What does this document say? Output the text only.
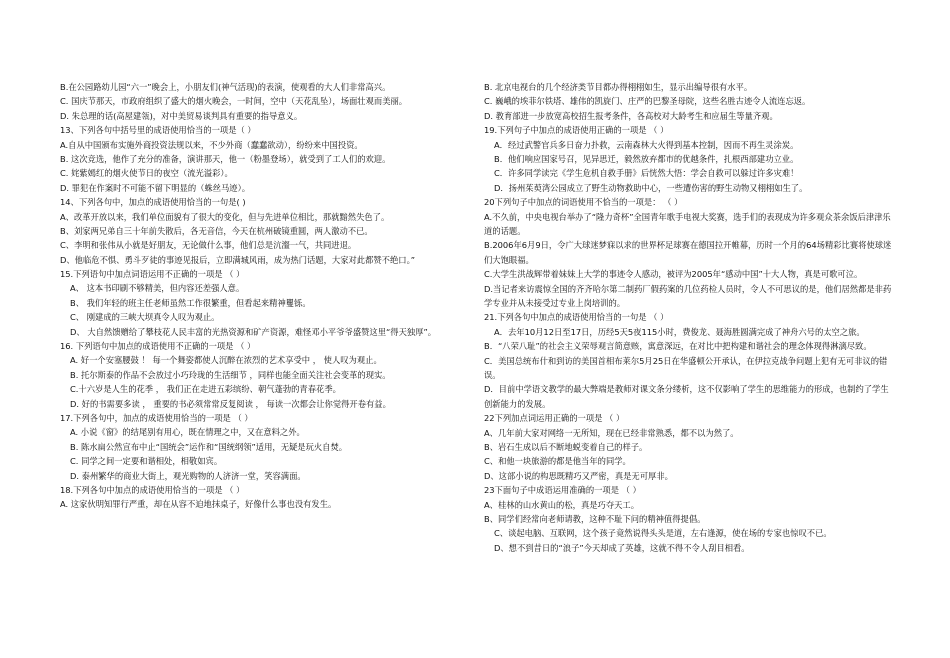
B.在公园路幼儿园“六一”晚会上，小朋友们(神气活现)的表演，使观看的大人们非常高兴。
C. 国庆节那天，市政府组织了盛大的烟火晚会，一时间，空中（天花乱坠），场面壮观而美丽。
D. 朱总理的话(高屋建瓴)，对中美贸易谈判具有重要的指导意义。
13、下列各句中括号里的成语使用恰当的一项是（ ）
A.自从中国颁布实施外商投资法规以来，不少外商（蠢蠢欲动），纷纷来中国投资。
B. 这次竞选，他作了充分的准备，演讲那天，他一（粉墨登场），就受到了工人们的欢迎。
C. 姹紫嫣红的烟火使节日的夜空（流光溢彩）。
D. 罪犯在作案时不可能不留下明显的（蛛丝马迹）。
14、下列各句中，加点的成语使用恰当的一句是( )
A、改革开放以来，我们单位面貌有了很大的变化，但与先进单位相比，那就黯然失色了。
B、刘家两兄弟自三十年前失散后，各无音信，今天在杭州破镜重圆，两人激动不已。
C、李明和张伟从小就是好朋友，无论做什么事，他们总是沆瀣一气，共同进退。
D、他临危不惧、勇斗歹徒的事迹见报后，立即满城风雨，成为热门话题，大家对此都赞不绝口。”
15.下列语句中加点词语运用不正确的一项是 （ ）
A、 这本书印刷不够精美，但内容还差强人意。
B、 我们年轻的班主任老师虽然工作很繁重，但看起来精神矍铄。
C、 刚建成的三峡大坝真令人叹为观止。
D、 大自然馈赠给了攀枝花人民丰富的光热资源和矿产资源，难怪邓小平爷爷盛赞这里“得天独厚”。
16. 下列语句中加点的成语使用不正确的一项是 （ ）
A. 好一个安塞腰鼓 ！ 每一个舞姿都使人沉醉在浓烈的艺术享受中 ， 使人叹为观止。
B. 托尔斯泰的作品不会放过小巧玲珑的生活细节 ，同样也能全面关注社会变革的现实。
C.十六岁是人生的花季 ， 我们正在走进五彩缤纷、朝气蓬勃的青春花季。
D. 好的书需要多读 ， 重要的书必须常常反复阅读 ， 每读一次都会让你觉得开卷有益。
17.下列各句中，加点的成语使用恰当的一项是 （ ）
A. 小说《窗》的结尾别有用心，既在情理之中，又在意料之外。
B. 陈水扁公然宣布中止“国统会”运作和“国统纲领”适用，无疑是玩火自焚。
C. 同学之间一定要和谐相处，相敬如宾。
D. 泰州繁华的商业大街上，观光购物的人济济一堂，笑容满面。
18.下列各句中加点的成语使用恰当的一项是 （ ）
A. 这家伙明知罪行严重，却在从容不迫地抹桌子，好像什么事也没有发生。
B. 北京电视台的几个经济类节目都办得栩栩如生，显示出编导很有水平。
C. 巍峨的埃菲尔铁塔、雄伟的凯旋门、庄严的巴黎圣母院，这些名胜古迹令人流连忘返。
D. 教育部进一步放宽高校招生报考条件，各高校对大龄考生和应届生等量齐观。
19.下列句子中加点的成语使用正确的一项是 （ ）
A．经过武警官兵多日奋力扑救，云南森林大火得到基本控制，因而不再生灵涂炭。
B．他们响应国家号召，见异思迁，毅然放弃都市的优越条件，扎根西部建功立业。
C．许多同学读完《学生危机自救手册》后恍然大悟：学会自救可以躲过许多灾难！
D．扬州茱萸湾公园成立了野生动物救助中心，一些遭伤害的野生动物又栩栩如生了。
20下列句子中加点的词语使用不恰当的一项是： （ ）
A.不久前，中央电视台举办了“隆力奇杯”全国青年歌手电视大奖赛，选手们的表现成为许多观众茶余饭后津津乐道的话题。
B.2006年6月9日，令广大球迷梦寐以求的世界杯足球赛在德国拉开帷幕，历时一个月的64场精彩比赛将使球迷们大饱眼福。
C.大学生洪战辉带着妹妹上大学的事迹令人感动，被评为2005年“感动中国”十大人物，真是可歌可泣。
D.当记者来访震惊全国的齐齐哈尔第二制药厂假药案的几位药检人员时，令人不可思议的是，他们居然都是非药学专业并从未接受过专业上岗培训的。
21.下列各句中加点的成语使用恰当的一句是 （ ）
A．去年10月12日至17日，历经5天5夜115小时，费俊龙、聂海胜圆满完成了神舟六号的太空之旅。
B．“八荣八耻”的社会主义荣辱观言简意赅，寓意深远，在对比中把构建和谐社会的理念体现得淋漓尽致。
C．美国总统布什和到访的美国首相布莱尔5月25日在华盛顿公开承认，在伊拉克战争问题上犯有无可非议的错误。
D．目前中学语文教学的最大弊端是教师对课文条分缕析，这不仅影响了学生的思维能力的形成，也制约了学生创新能力的发展。
22下列加点词运用正确的一项是 （ ）
A、几年前大家对网络一无所知，现在已经非常熟悉，都不以为然了。
B、岩石生成以后不断地蜕变着自己的样子。
C、和他一块旅游的都是他当年的同学。
D、这部小说的构思既精巧又严密，真是无可厚非。
23下面句子中成语运用准确的一项是 （ ）
A、桂林的山水黄山的松，真是巧夺天工。
B、同学们经常向老师请教，这种不耻下问的精神值得提倡。
C、谈起电脑、互联网，这个孩子竟然说得头头是道，左右逢源，使在场的专家也惊叹不已。
D、想不到昔日的“浪子”今天却成了英雄，这就不得不令人刮目相看。
